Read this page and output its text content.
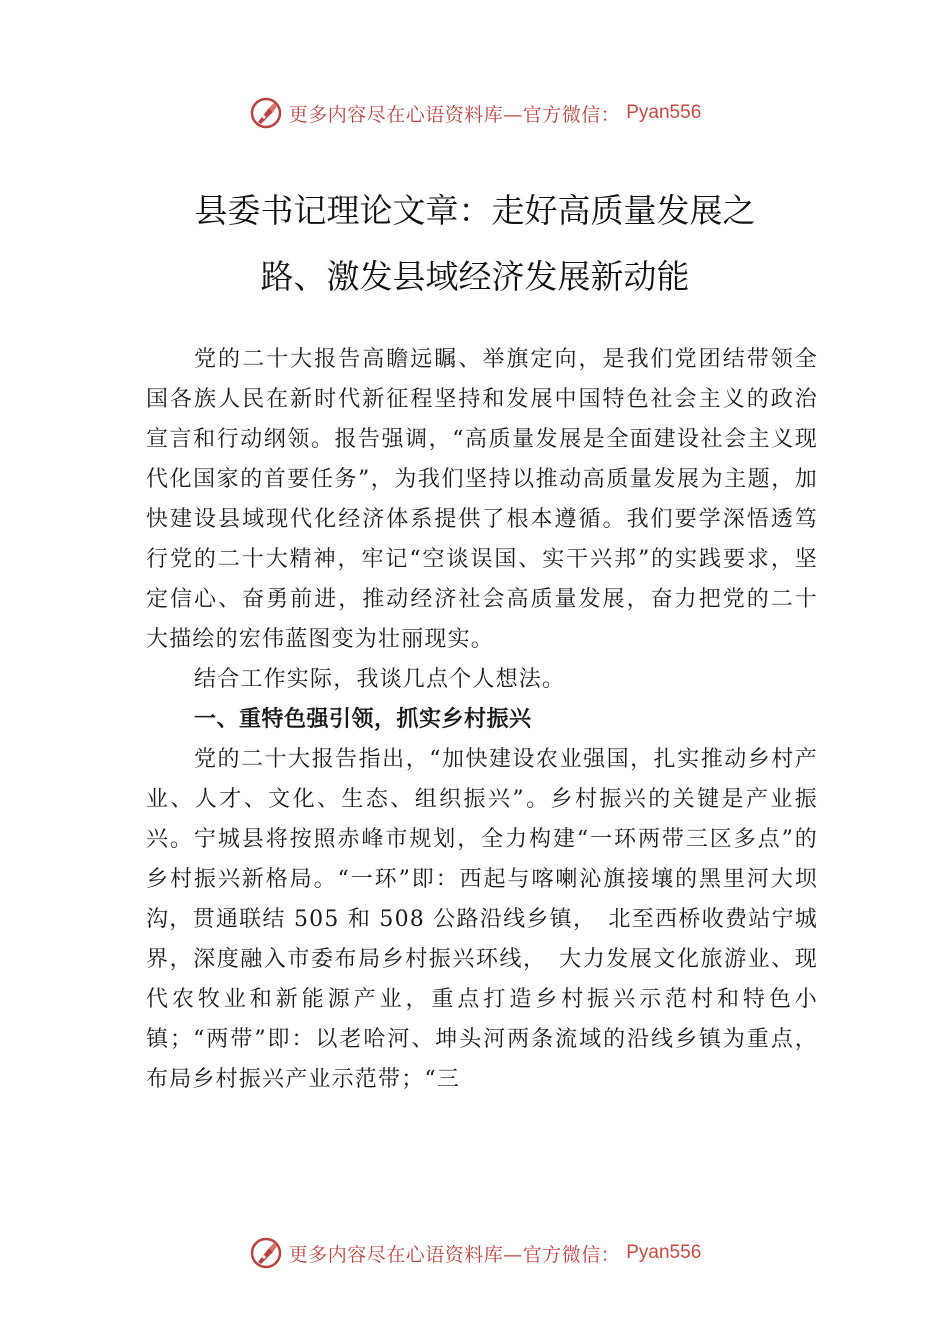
更多内容尽在心语资料库—官方微信： Pyan556
县委书记理论文章：走好高质量发展之
路、激发县域经济发展新动能

党的二十大报告高瞻远瞩、举旗定向，是我们党团结带领全国各族人民在新时代新征程坚持和发展中国特色社会主义的政治宣言和行动纲领。报告强调，“高质量发展是全面建设社会主义现代化国家的首要任务”，为我们坚持以推动高质量发展为主题，加快建设县域现代化经济体系提供了根本遵循。我们要学深悟透笃行党的二十大精神，牢记“空谈误国、实干兴邦”的实践要求，坚定信心、奋勇前进，推动经济社会高质量发展，奋力把党的二十大描绘的宏伟蓝图变为壮丽现实。

结合工作实际，我谈几点个人想法。

一、重特色强引领，抓实乡村振兴

党的二十大报告指出，“加快建设农业强国，扎实推动乡村产业、人才、文化、生态、组织振兴”。乡村振兴的关键是产业振兴。宁城县将按照赤峰市规划，全力构建“一环两带三区多点”的乡村振兴新格局。“一环”即：西起与喀喇沁旗接壤的黑里河大坝沟，贯通联结 505 和 508 公路沿线乡镇，　北至西桥收费站宁城界，深度融入市委布局乡村振兴环线，　大力发展文化旅游业、现代农牧业和新能源产业，重点打造乡村振兴示范村和特色小镇；“两带”即：以老哈河、坤头河两条流域的沿线乡镇为重点，布局乡村振兴产业示范带；“三

更多内容尽在心语资料库—官方微信： Pyan556
